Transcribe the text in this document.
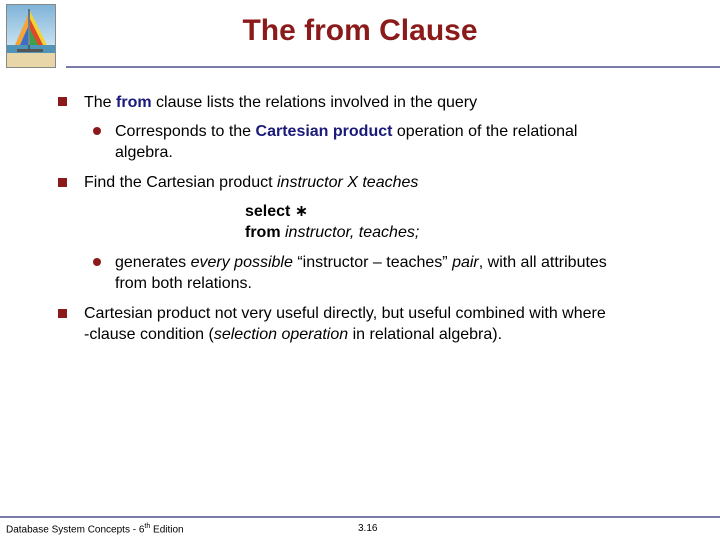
The from Clause
The from clause lists the relations involved in the query
Corresponds to the Cartesian product operation of the relational
algebra.
Find the Cartesian product instructor X teaches
select ∗
from instructor, teaches;
generates every possible “instructor – teaches” pair, with all attributes
from both relations.
Cartesian product not very useful directly, but useful combined with where
-clause condition (selection operation in relational algebra).
Database System Concepts - 6th Edition	3.16
